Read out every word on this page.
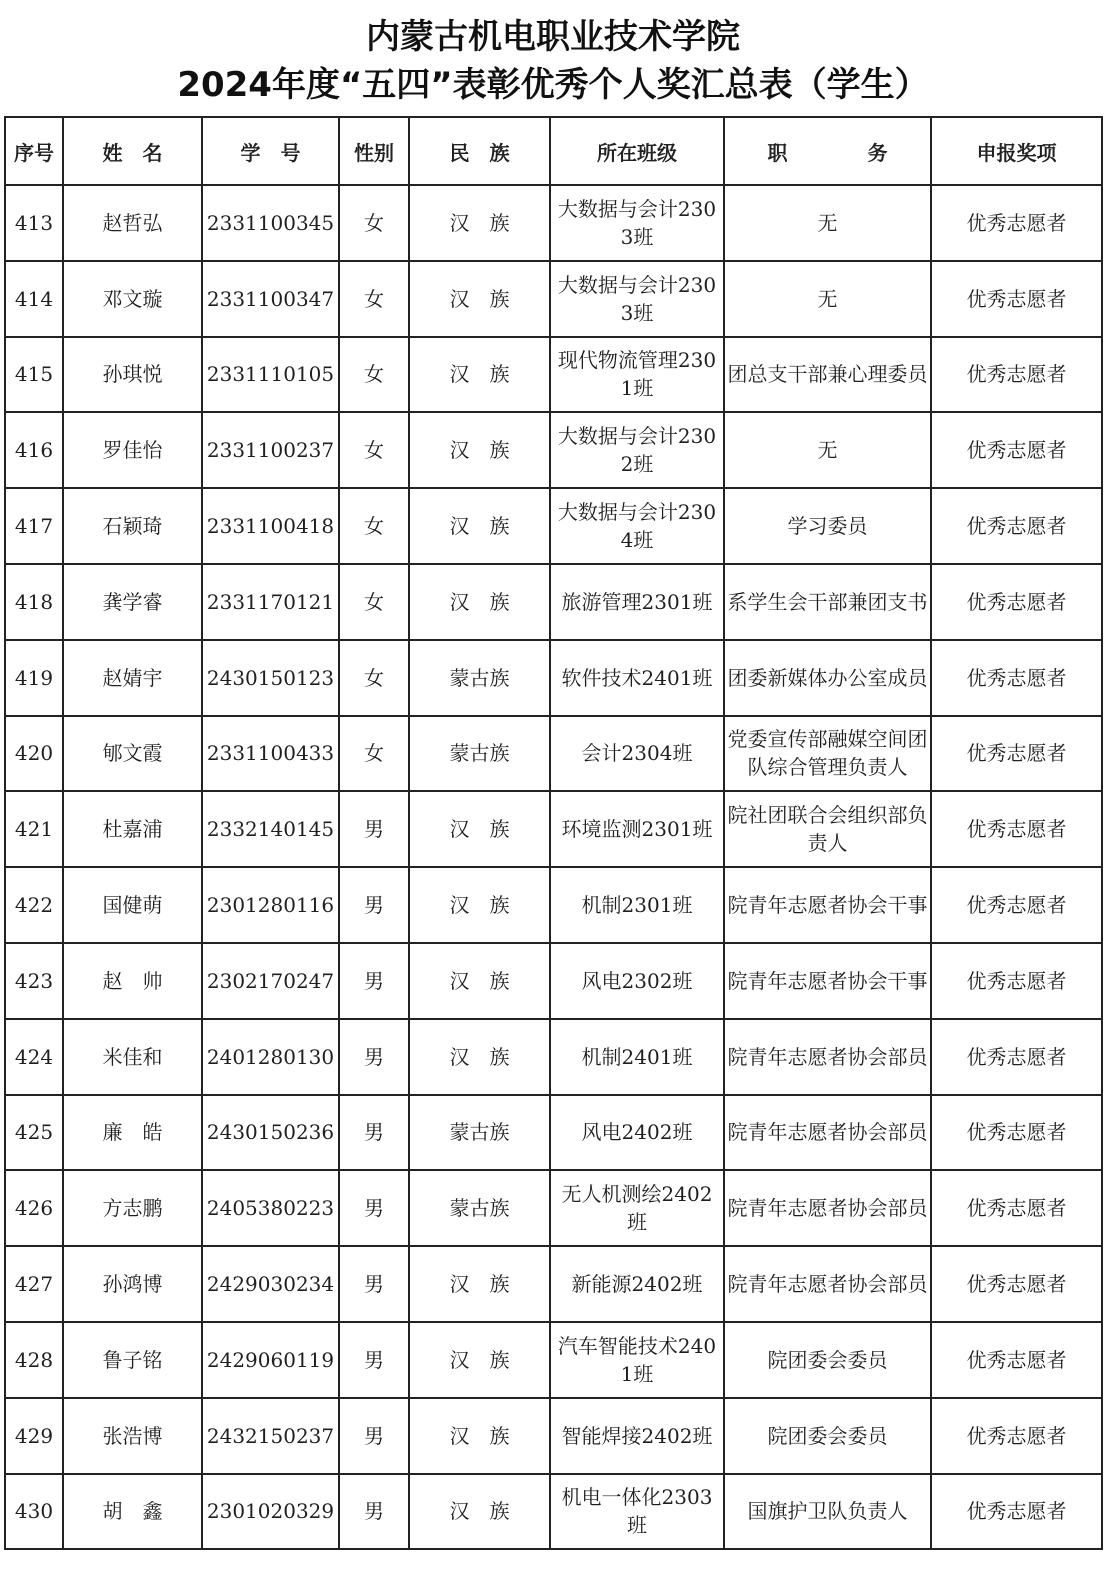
内蒙古机电职业技术学院
2024年度“五四”表彰优秀个人奖汇总表（学生）
序号	姓　名	学　号	性别	民　族	所在班级	职　　　　务	申报奖项
413	赵哲弘	2331100345	女	汉　族	大数据与会计2303班	无	优秀志愿者
414	邓文璇	2331100347	女	汉　族	大数据与会计2303班	无	优秀志愿者
415	孙琪悦	2331110105	女	汉　族	现代物流管理2301班	团总支干部兼心理委员	优秀志愿者
416	罗佳怡	2331100237	女	汉　族	大数据与会计2302班	无	优秀志愿者
417	石颖琦	2331100418	女	汉　族	大数据与会计2304班	学习委员	优秀志愿者
418	龚学睿	2331170121	女	汉　族	旅游管理2301班	系学生会干部兼团支书	优秀志愿者
419	赵婧宇	2430150123	女	蒙古族	软件技术2401班	团委新媒体办公室成员	优秀志愿者
420	郇文霞	2331100433	女	蒙古族	会计2304班	党委宣传部融媒空间团队综合管理负责人	优秀志愿者
421	杜嘉浦	2332140145	男	汉　族	环境监测2301班	院社团联合会组织部负责人	优秀志愿者
422	国健萌	2301280116	男	汉　族	机制2301班	院青年志愿者协会干事	优秀志愿者
423	赵　帅	2302170247	男	汉　族	风电2302班	院青年志愿者协会干事	优秀志愿者
424	米佳和	2401280130	男	汉　族	机制2401班	院青年志愿者协会部员	优秀志愿者
425	廉　皓	2430150236	男	蒙古族	风电2402班	院青年志愿者协会部员	优秀志愿者
426	方志鹏	2405380223	男	蒙古族	无人机测绘2402班	院青年志愿者协会部员	优秀志愿者
427	孙鸿博	2429030234	男	汉　族	新能源2402班	院青年志愿者协会部员	优秀志愿者
428	鲁子铭	2429060119	男	汉　族	汽车智能技术2401班	院团委会委员	优秀志愿者
429	张浩博	2432150237	男	汉　族	智能焊接2402班	院团委会委员	优秀志愿者
430	胡　鑫	2301020329	男	汉　族	机电一体化2303班	国旗护卫队负责人	优秀志愿者
